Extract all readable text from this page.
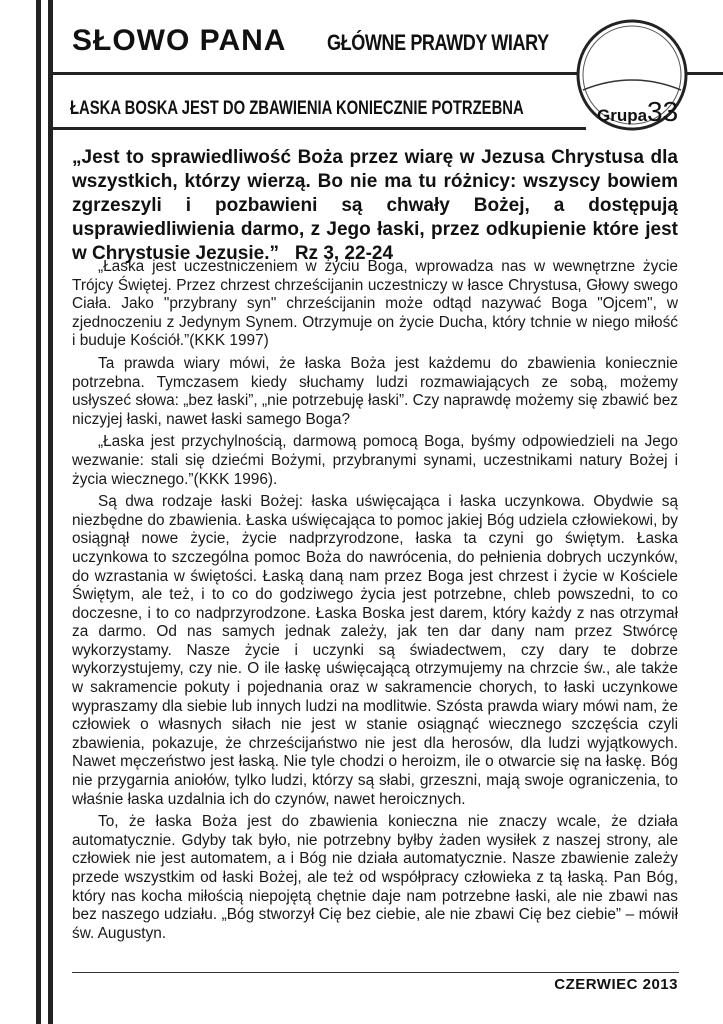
SŁOWO PANA GŁÓWNE PRAWDY WIARY
Grupa 33
ŁASKA BOSKA JEST DO ZBAWIENIA KONIECZNIE POTRZEBNA
„Jest to sprawiedliwość Boża przez wiarę w Jezusa Chrystusa dla wszystkich, którzy wierzą. Bo nie ma tu różnicy: wszyscy bowiem zgrzeszyli i pozbawieni są chwały Bożej, a dostępują usprawiedliwienia darmo, z Jego łaski, przez odkupienie które jest w Chrystusie Jezusie.” Rz 3, 22-24

„Łaska jest uczestniczeniem w życiu Boga, wprowadza nas w wewnętrzne życie Trójcy Świętej. Przez chrzest chrześcijanin uczestniczy w łasce Chrystusa, Głowy swego Ciała. Jako "przybrany syn" chrześcijanin może odtąd nazywać Boga "Ojcem", w zjednoczeniu z Jedynym Synem. Otrzymuje on życie Ducha, który tchnie w niego miłość i buduje Kościół.”(KKK 1997)

Ta prawda wiary mówi, że łaska Boża jest każdemu do zbawienia koniecznie potrzebna. Tymczasem kiedy słuchamy ludzi rozmawiających ze sobą, możemy usłyszeć słowa: „bez łaski”, „nie potrzebuję łaski”. Czy naprawdę możemy się zbawić bez niczyjej łaski, nawet łaski samego Boga?

„Łaska jest przychylnością, darmową pomocą Boga, byśmy odpowiedzieli na Jego wezwanie: stali się dziećmi Bożymi, przybranymi synami, uczestnikami natury Bożej i życia wiecznego.”(KKK 1996).

Są dwa rodzaje łaski Bożej: łaska uświęcająca i łaska uczynkowa. Obydwie są niezbędne do zbawienia. Łaska uświęcająca to pomoc jakiej Bóg udziela człowiekowi, by osiągnął nowe życie, życie nadprzyrodzone, łaska ta czyni go świętym. Łaska uczynkowa to szczególna pomoc Boża do nawrócenia, do pełnienia dobrych uczynków, do wzrastania w świętości. Łaską daną nam przez Boga jest chrzest i życie w Kościele Świętym, ale też, i to co do godziwego życia jest potrzebne, chleb powszedni, to co doczesne, i to co nadprzyrodzone. Łaska Boska jest darem, który każdy z nas otrzymał za darmo. Od nas samych jednak zależy, jak ten dar dany nam przez Stwórcę wykorzystamy. Nasze życie i uczynki są świadectwem, czy dary te dobrze wykorzystujemy, czy nie. O ile łaskę uświęcającą otrzymujemy na chrzcie św., ale także w sakramencie pokuty i pojednania oraz w sakramencie chorych, to łaski uczynkowe wypraszamy dla siebie lub innych ludzi na modlitwie. Szósta prawda wiary mówi nam, że człowiek o własnych siłach nie jest w stanie osiągnąć wiecznego szczęścia czyli zbawienia, pokazuje, że chrześcijaństwo nie jest dla herosów, dla ludzi wyjątkowych. Nawet męczeństwo jest łaską. Nie tyle chodzi o heroizm, ile o otwarcie się na łaskę. Bóg nie przygarnia aniołów, tylko ludzi, którzy są słabi, grzeszni, mają swoje ograniczenia, to właśnie łaska uzdalnia ich do czynów, nawet heroicznych.

To, że łaska Boża jest do zbawienia konieczna nie znaczy wcale, że działa automatycznie. Gdyby tak było, nie potrzebny byłby żaden wysiłek z naszej strony, ale człowiek nie jest automatem, a i Bóg nie działa automatycznie. Nasze zbawienie zależy przede wszystkim od łaski Bożej, ale też od współpracy człowieka z tą łaską. Pan Bóg, który nas kocha miłością niepojętą chętnie daje nam potrzebne łaski, ale nie zbawi nas bez naszego udziału. „Bóg stworzył Cię bez ciebie, ale nie zbawi Cię bez ciebie” – mówił św. Augustyn.

CZERWIEC 2013
